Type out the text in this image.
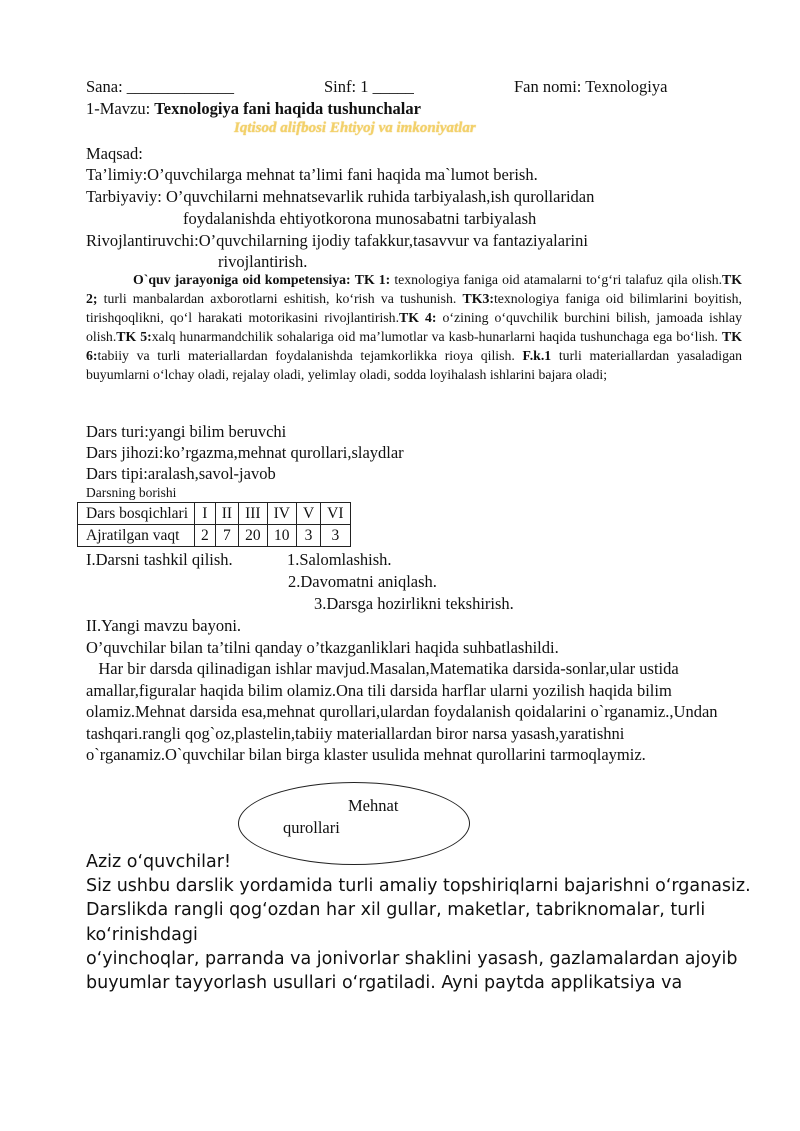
Sana: _____________	Sinf: 1 _____	Fan nomi: Texnologiya
1-Mavzu: Texnologiya fani haqida tushunchalar
Iqtisod alifbosi Ehtiyoj va imkoniyatlar
Maqsad:
Ta’limiy:O’quvchilarga mehnat ta’limi fani haqida ma`lumot berish.
Tarbiyaviy: O’quvchilarni mehnatsevarlik ruhida tarbiyalash,ish qurollaridan
foydalanishda ehtiyotkorona munosabatni tarbiyalash
Rivojlantiruvchi:O’quvchilarning ijodiy tafakkur,tasavvur va fantaziyalarini
rivojlantirish.
O`quv jarayoniga oid kompetensiya: TK 1: texnologiya faniga oid atamalarni to‘g‘ri talafuz qila olish.TK 2; turli manbalardan axborotlarni eshitish, ko‘rish va tushunish. TK3:texnologiya faniga oid bilimlarini boyitish, tirishqoqlikni, qo‘l harakati motorikasini rivojlantirish.TK 4: o‘zining o‘quvchilik burchini bilish, jamoada ishlay olish.TK 5:xalq hunarmandchilik sohalariga oid ma’lumotlar va kasb-hunarlarni haqida tushunchaga ega bo‘lish. TK 6:tabiiy va turli materiallardan foydalanishda tejamkorlikka rioya qilish. F.k.1 turli materiallardan yasaladigan buyumlarni o‘lchay oladi, rejalay oladi, yelimlay oladi, sodda loyihalash ishlarini bajara oladi;
Dars turi:yangi bilim beruvchi
Dars jihozi:ko’rgazma,mehnat qurollari,slaydlar
Dars tipi:aralash,savol-javob
Darsning borishi
Dars bosqichlari	I	II	III	IV	V	VI
Ajratilgan vaqt	2	7	20	10	3	3
I.Darsni tashkil qilish.	1.Salomlashish.
2.Davomatni aniqlash.
3.Darsga hozirlikni tekshirish.
II.Yangi mavzu bayoni.
O’quvchilar bilan ta’tilni qanday o’tkazganliklari haqida suhbatlashildi.
Har bir darsda qilinadigan ishlar mavjud.Masalan,Matematika darsida-sonlar,ular ustida amallar,figuralar haqida bilim olamiz.Ona tili darsida harflar ularni yozilish haqida bilim olamiz.Mehnat darsida esa,mehnat qurollari,ulardan foydalanish qoidalarini o`rganamiz.,Undan tashqari.rangli qog`oz,plastelin,tabiiy materiallardan biror narsa yasash,yaratishni o`rganamiz.O`quvchilar bilan birga klaster usulida mehnat qurollarini tarmoqlaymiz.
Mehnat
qurollari

Aziz o‘quvchilar!

Siz ushbu darslik yordamida turli amaliy topshiriqlarni bajarishni o‘rganasiz.

Darslikda rangli qog‘ozdan har xil gullar, maketlar, tabriknomalar, turli ko‘rinishdagi

o‘yinchoqlar, parranda va jonivorlar shaklini yasash, gazlamalardan ajoyib buyumlar tayyorlash usullari o‘rgatiladi. Ayni paytda applikatsiya va
